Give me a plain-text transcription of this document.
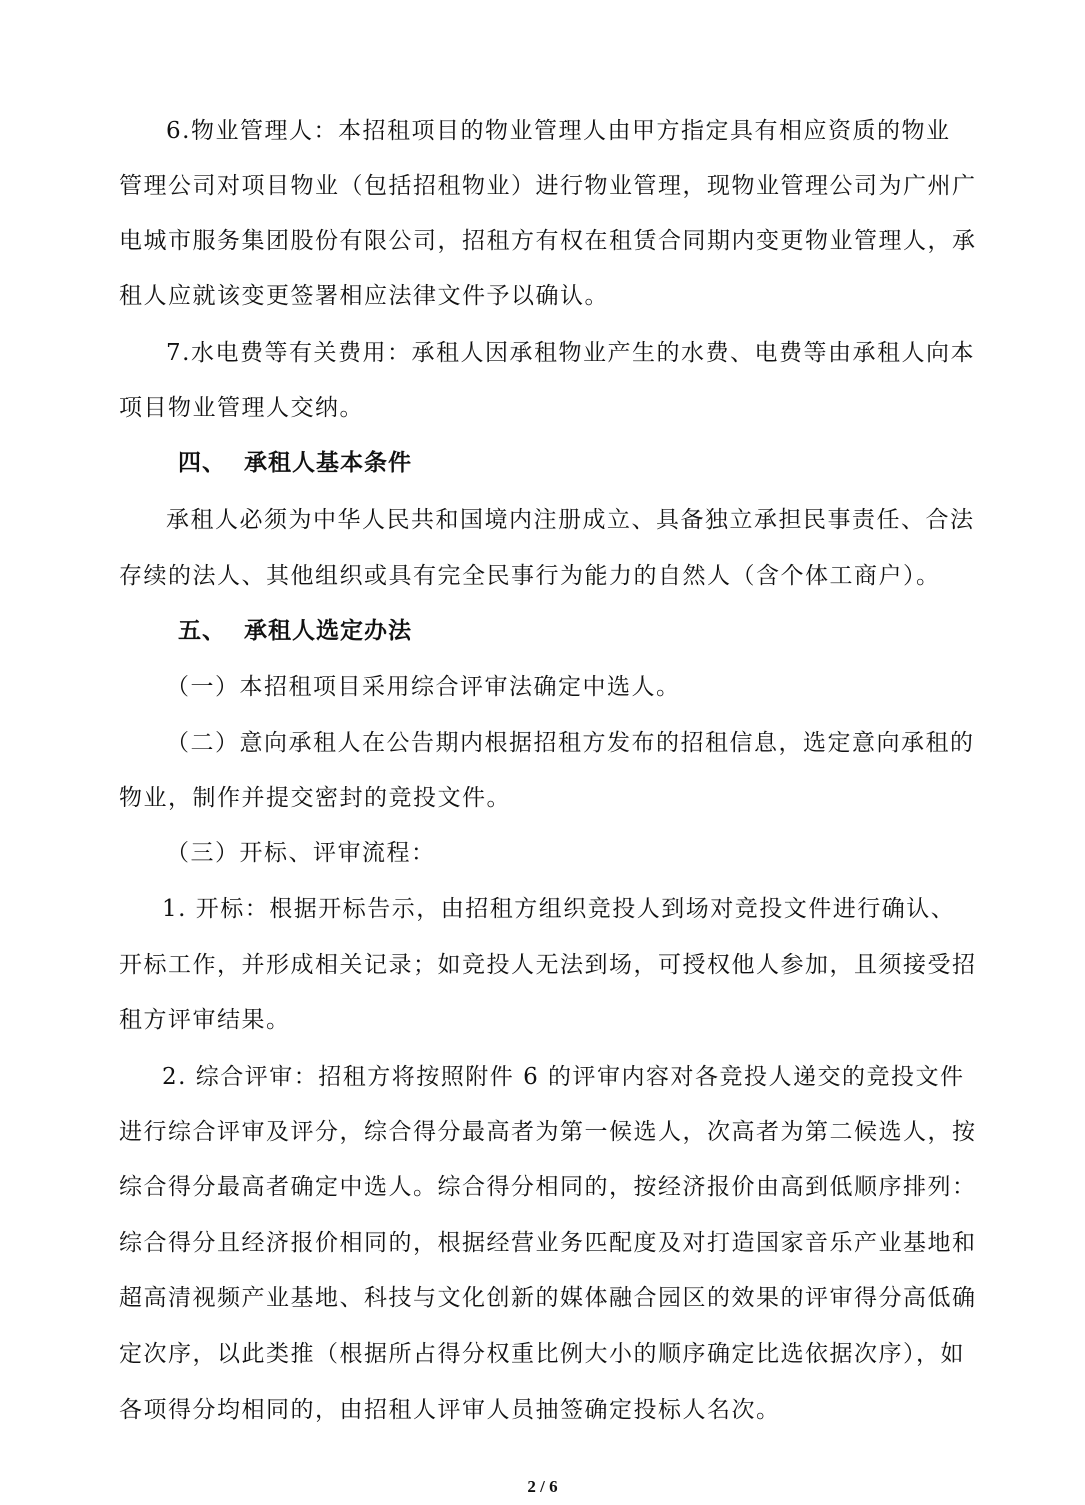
6.物业管理人：本招租项目的物业管理人由甲方指定具有相应资质的物业
管理公司对项目物业（包括招租物业）进行物业管理，现物业管理公司为广州广
电城市服务集团股份有限公司，招租方有权在租赁合同期内变更物业管理人，承
租人应就该变更签署相应法律文件予以确认。
7.水电费等有关费用：承租人因承租物业产生的水费、电费等由承租人向本
项目物业管理人交纳。
四、 承租人基本条件
承租人必须为中华人民共和国境内注册成立、具备独立承担民事责任、合法
存续的法人、其他组织或具有完全民事行为能力的自然人（含个体工商户）。
五、 承租人选定办法
（一）本招租项目采用综合评审法确定中选人。
（二）意向承租人在公告期内根据招租方发布的招租信息，选定意向承租的
物业，制作并提交密封的竞投文件。
（三）开标、评审流程：
1. 开标：根据开标告示，由招租方组织竞投人到场对竞投文件进行确认、
开标工作，并形成相关记录；如竞投人无法到场，可授权他人参加，且须接受招
租方评审结果。
2. 综合评审：招租方将按照附件 6 的评审内容对各竞投人递交的竞投文件
进行综合评审及评分，综合得分最高者为第一候选人，次高者为第二候选人，按
综合得分最高者确定中选人。综合得分相同的，按经济报价由高到低顺序排列：
综合得分且经济报价相同的，根据经营业务匹配度及对打造国家音乐产业基地和
超高清视频产业基地、科技与文化创新的媒体融合园区的效果的评审得分高低确
定次序，以此类推（根据所占得分权重比例大小的顺序确定比选依据次序），如
各项得分均相同的，由招租人评审人员抽签确定投标人名次。
2 / 6
